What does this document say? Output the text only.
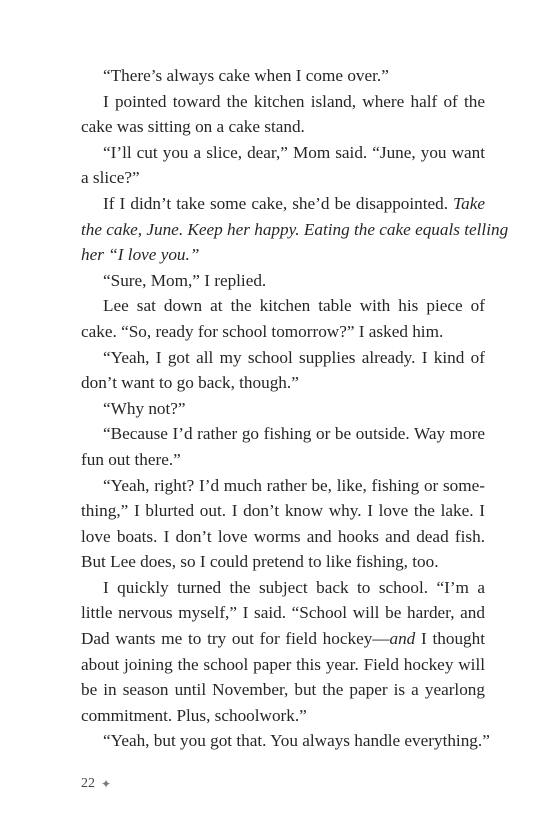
“There’s always cake when I come over.”
I pointed toward the kitchen island, where half of the
cake was sitting on a cake stand.
“I’ll cut you a slice, dear,” Mom said. “June, you want
a slice?”
If I didn’t take some cake, she’d be disappointed. Take
the cake, June. Keep her happy. Eating the cake equals telling
her “I love you.”
“Sure, Mom,” I replied.
Lee sat down at the kitchen table with his piece of
cake. “So, ready for school tomorrow?” I asked him.
“Yeah, I got all my school supplies already. I kind of
don’t want to go back, though.”
“Why not?”
“Because I’d rather go fishing or be outside. Way more
fun out there.”
“Yeah, right? I’d much rather be, like, fishing or some-
thing,” I blurted out. I don’t know why. I love the lake. I
love boats. I don’t love worms and hooks and dead fish.
But Lee does, so I could pretend to like fishing, too.
I quickly turned the subject back to school. “I’m a
little nervous myself,” I said. “School will be harder, and
Dad wants me to try out for field hockey—and I thought
about joining the school paper this year. Field hockey will
be in season until November, but the paper is a yearlong
commitment. Plus, schoolwork.”
“Yeah, but you got that. You always handle everything.”
22 ✦
